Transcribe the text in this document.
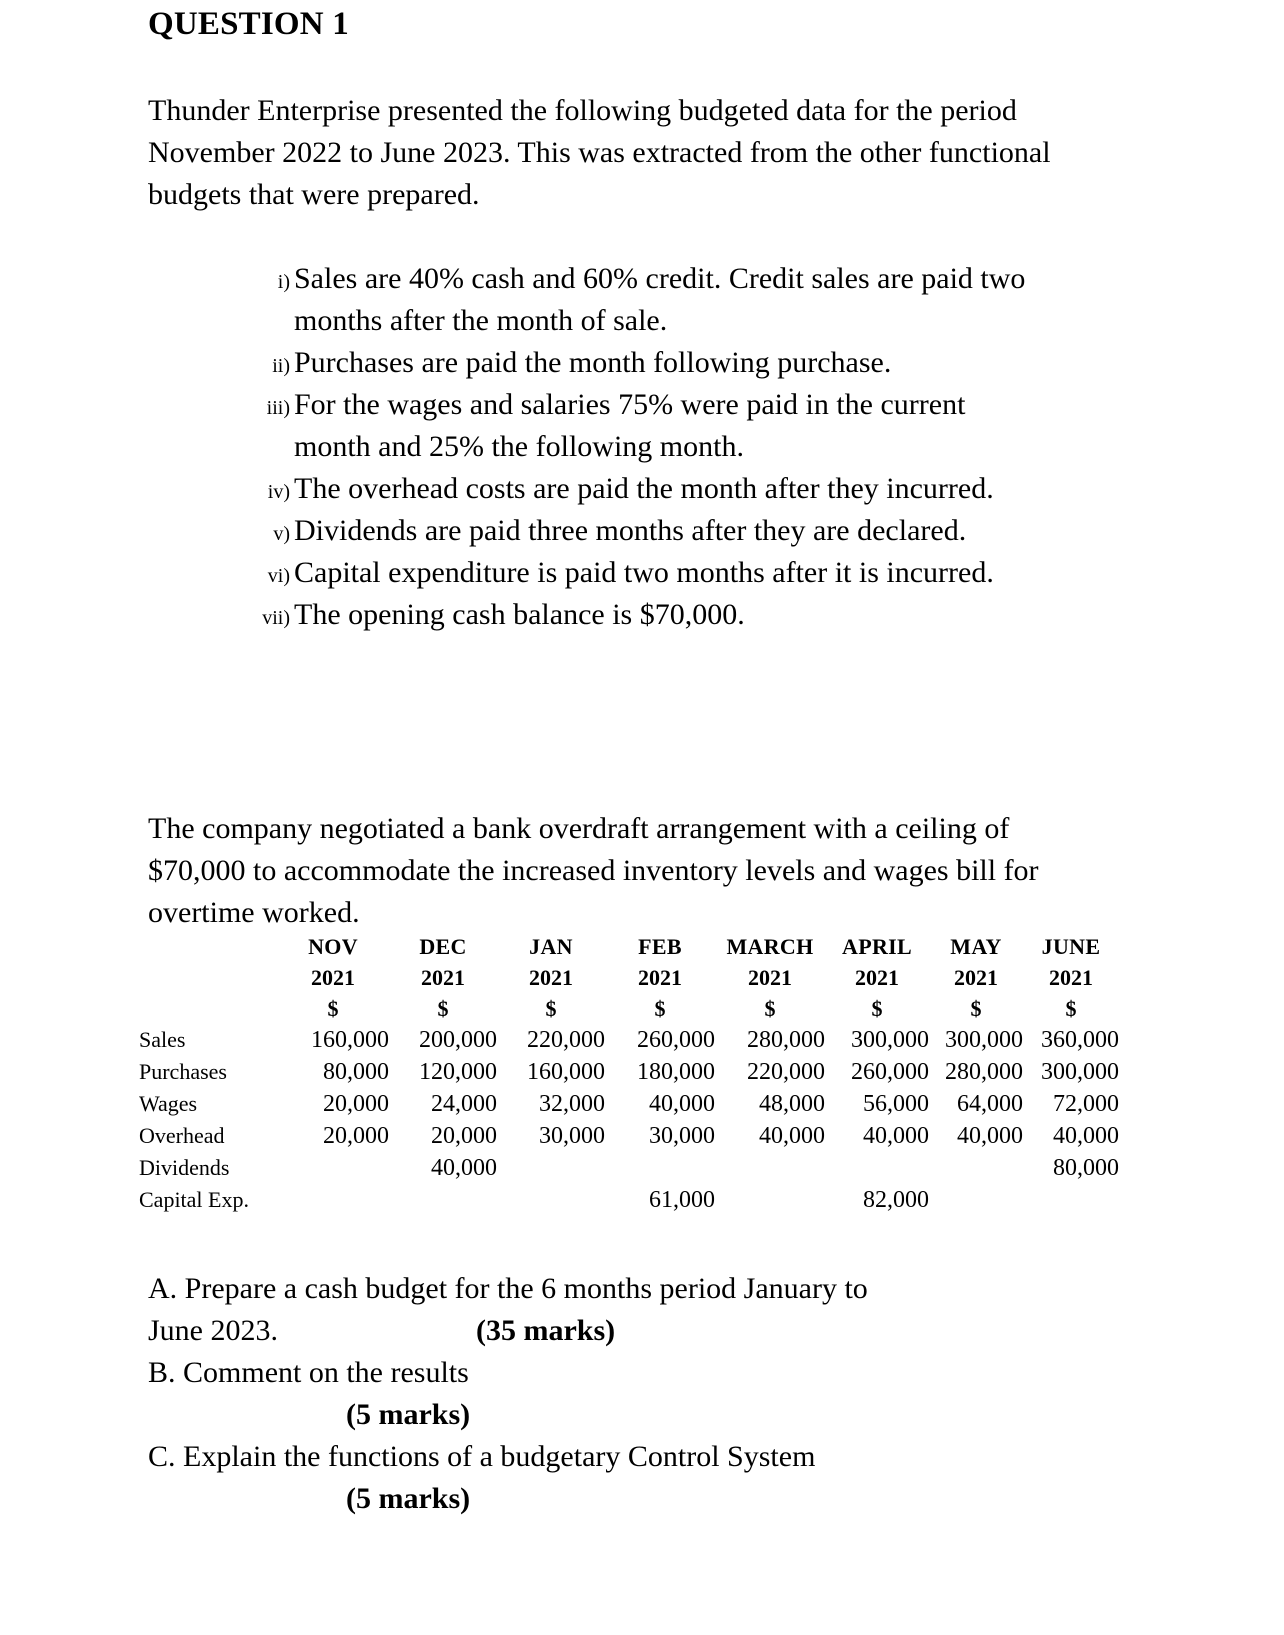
QUESTION 1
Thunder Enterprise presented the following budgeted data for the period November 2022 to June 2023. This was extracted from the other functional budgets that were prepared.
i) Sales are 40% cash and 60% credit. Credit sales are paid two months after the month of sale.
ii) Purchases are paid the month following purchase.
iii) For the wages and salaries 75% were paid in the current month and 25% the following month.
iv) The overhead costs are paid the month after they incurred.
v) Dividends are paid three months after they are declared.
vi) Capital expenditure is paid two months after it is incurred.
vii) The opening cash balance is $70,000.
The company negotiated a bank overdraft arrangement with a ceiling of $70,000 to accommodate the increased inventory levels and wages bill for overtime worked.
	NOV	DEC	JAN	FEB	MARCH	APRIL	MAY	JUNE
	2021	2021	2021	2021	2021	2021	2021	2021
	$	$	$	$	$	$	$	$
Sales	160,000	200,000	220,000	260,000	280,000	300,000	300,000	360,000
Purchases	80,000	120,000	160,000	180,000	220,000	260,000	280,000	300,000
Wages	20,000	24,000	32,000	40,000	48,000	56,000	64,000	72,000
Overhead	20,000	20,000	30,000	30,000	40,000	40,000	40,000	40,000
Dividends		40,000						80,000
Capital Exp.				61,000		82,000		
A. Prepare a cash budget for the 6 months period January to
June 2023.	(35 marks)
B. Comment on the results
(5 marks)
C. Explain the functions of a budgetary Control System
(5 marks)
